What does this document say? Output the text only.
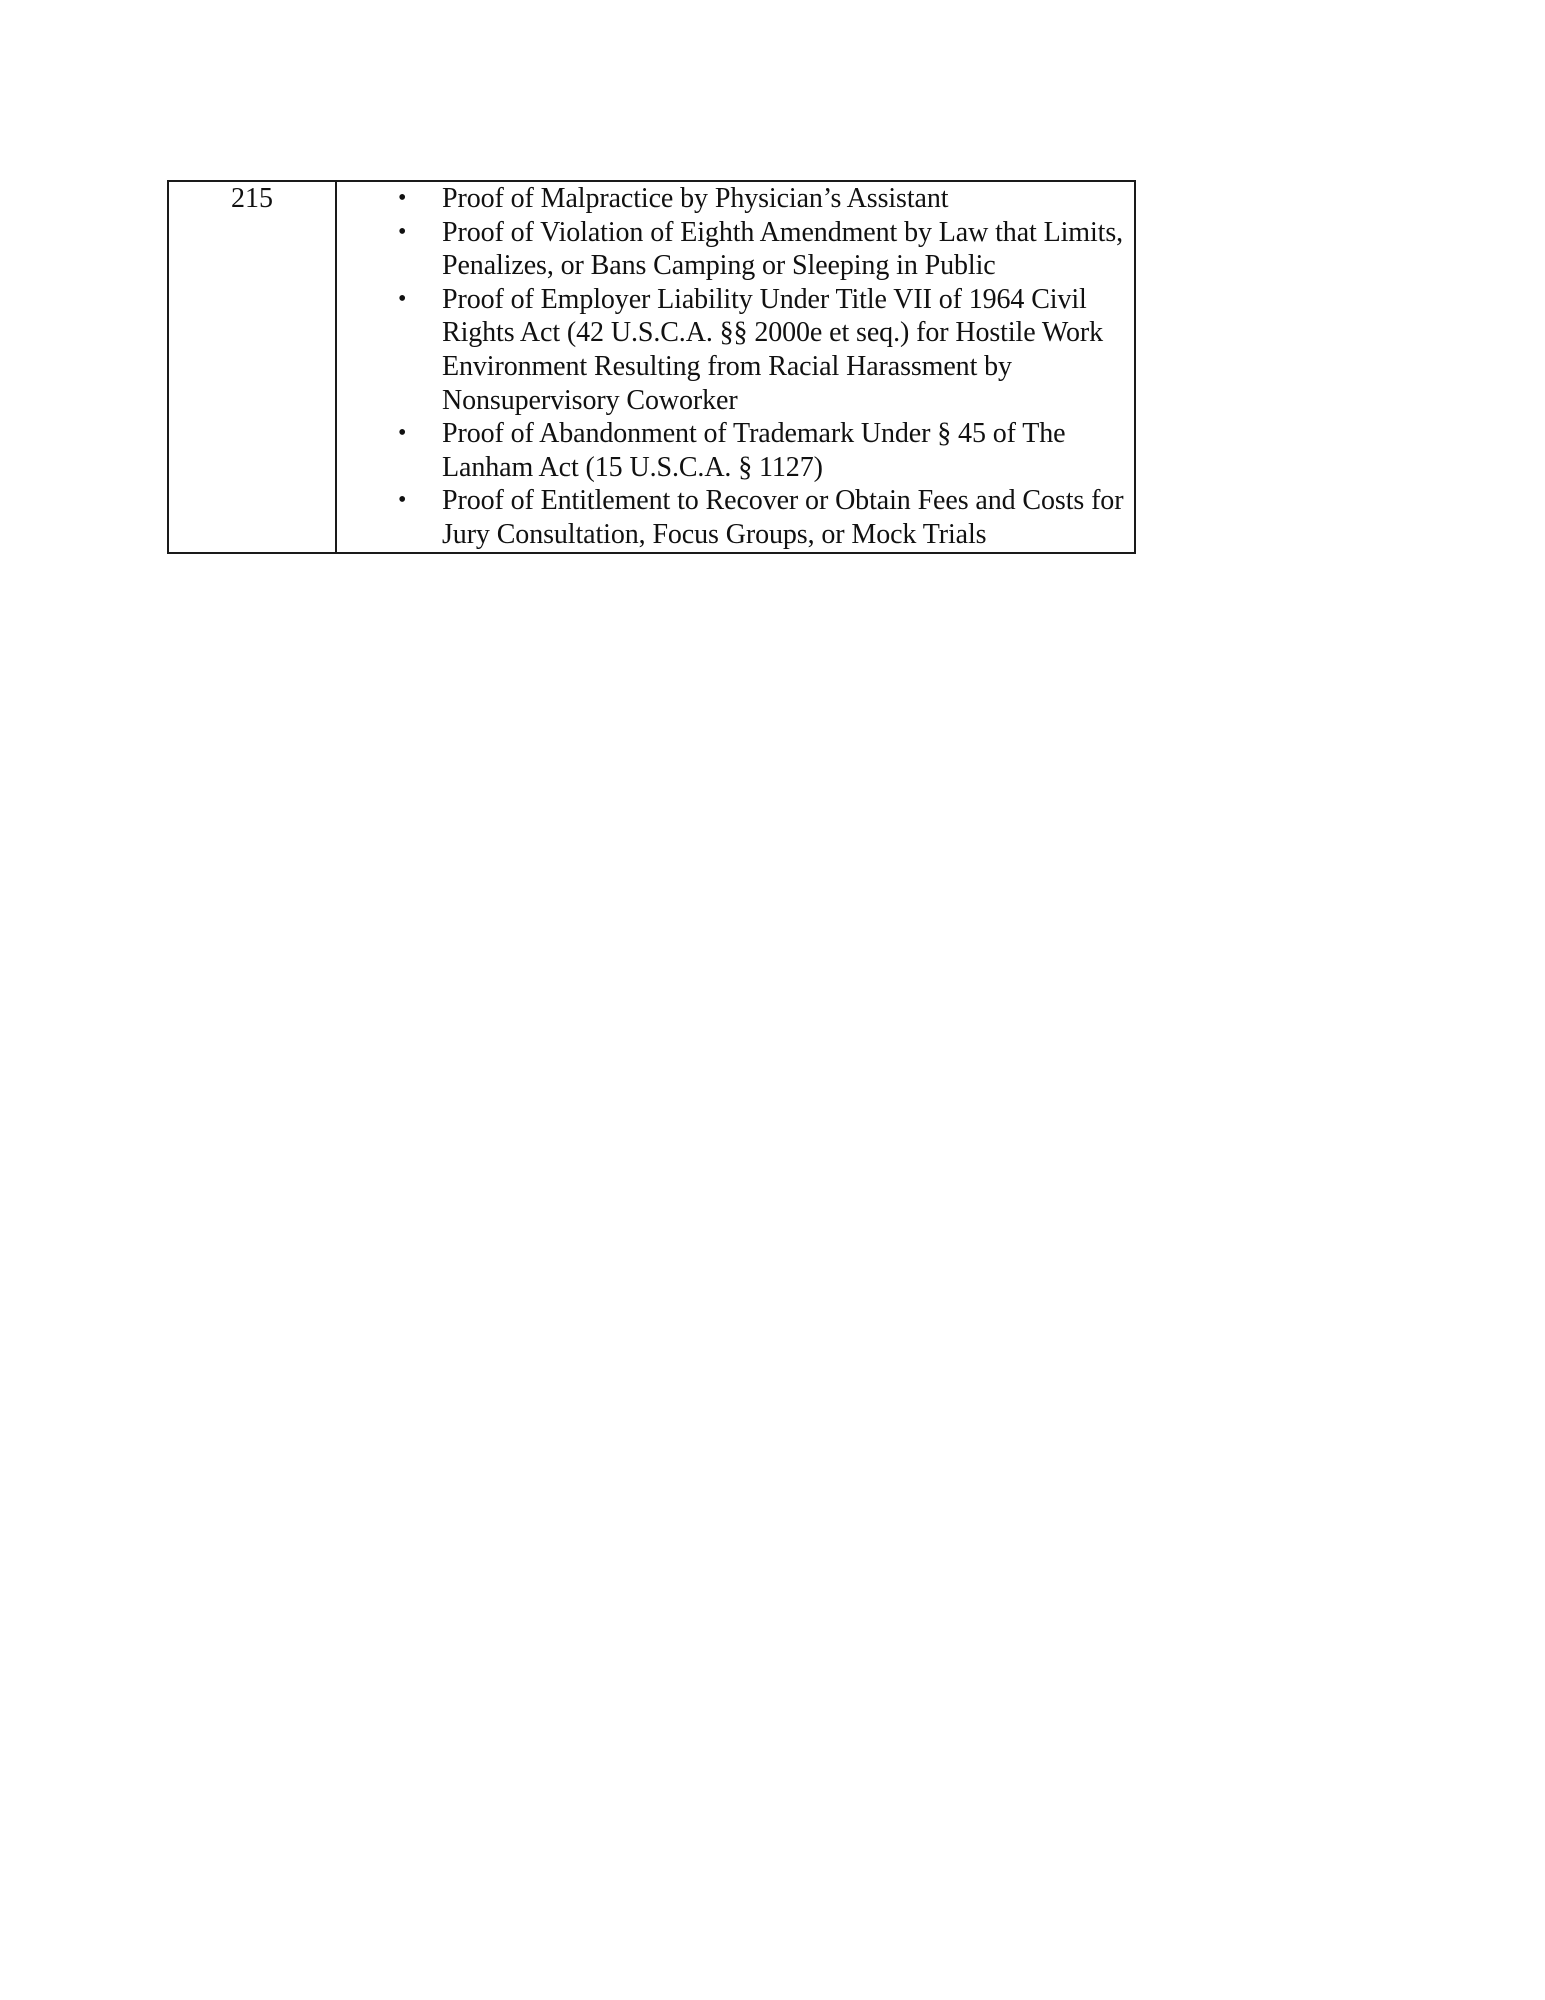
215	• Proof of Malpractice by Physician’s Assistant
• Proof of Violation of Eighth Amendment by Law that Limits, Penalizes, or Bans Camping or Sleeping in Public
• Proof of Employer Liability Under Title VII of 1964 Civil Rights Act (42 U.S.C.A. §§ 2000e et seq.) for Hostile Work Environment Resulting from Racial Harassment by Nonsupervisory Coworker
• Proof of Abandonment of Trademark Under § 45 of The Lanham Act (15 U.S.C.A. § 1127)
• Proof of Entitlement to Recover or Obtain Fees and Costs for Jury Consultation, Focus Groups, or Mock Trials
